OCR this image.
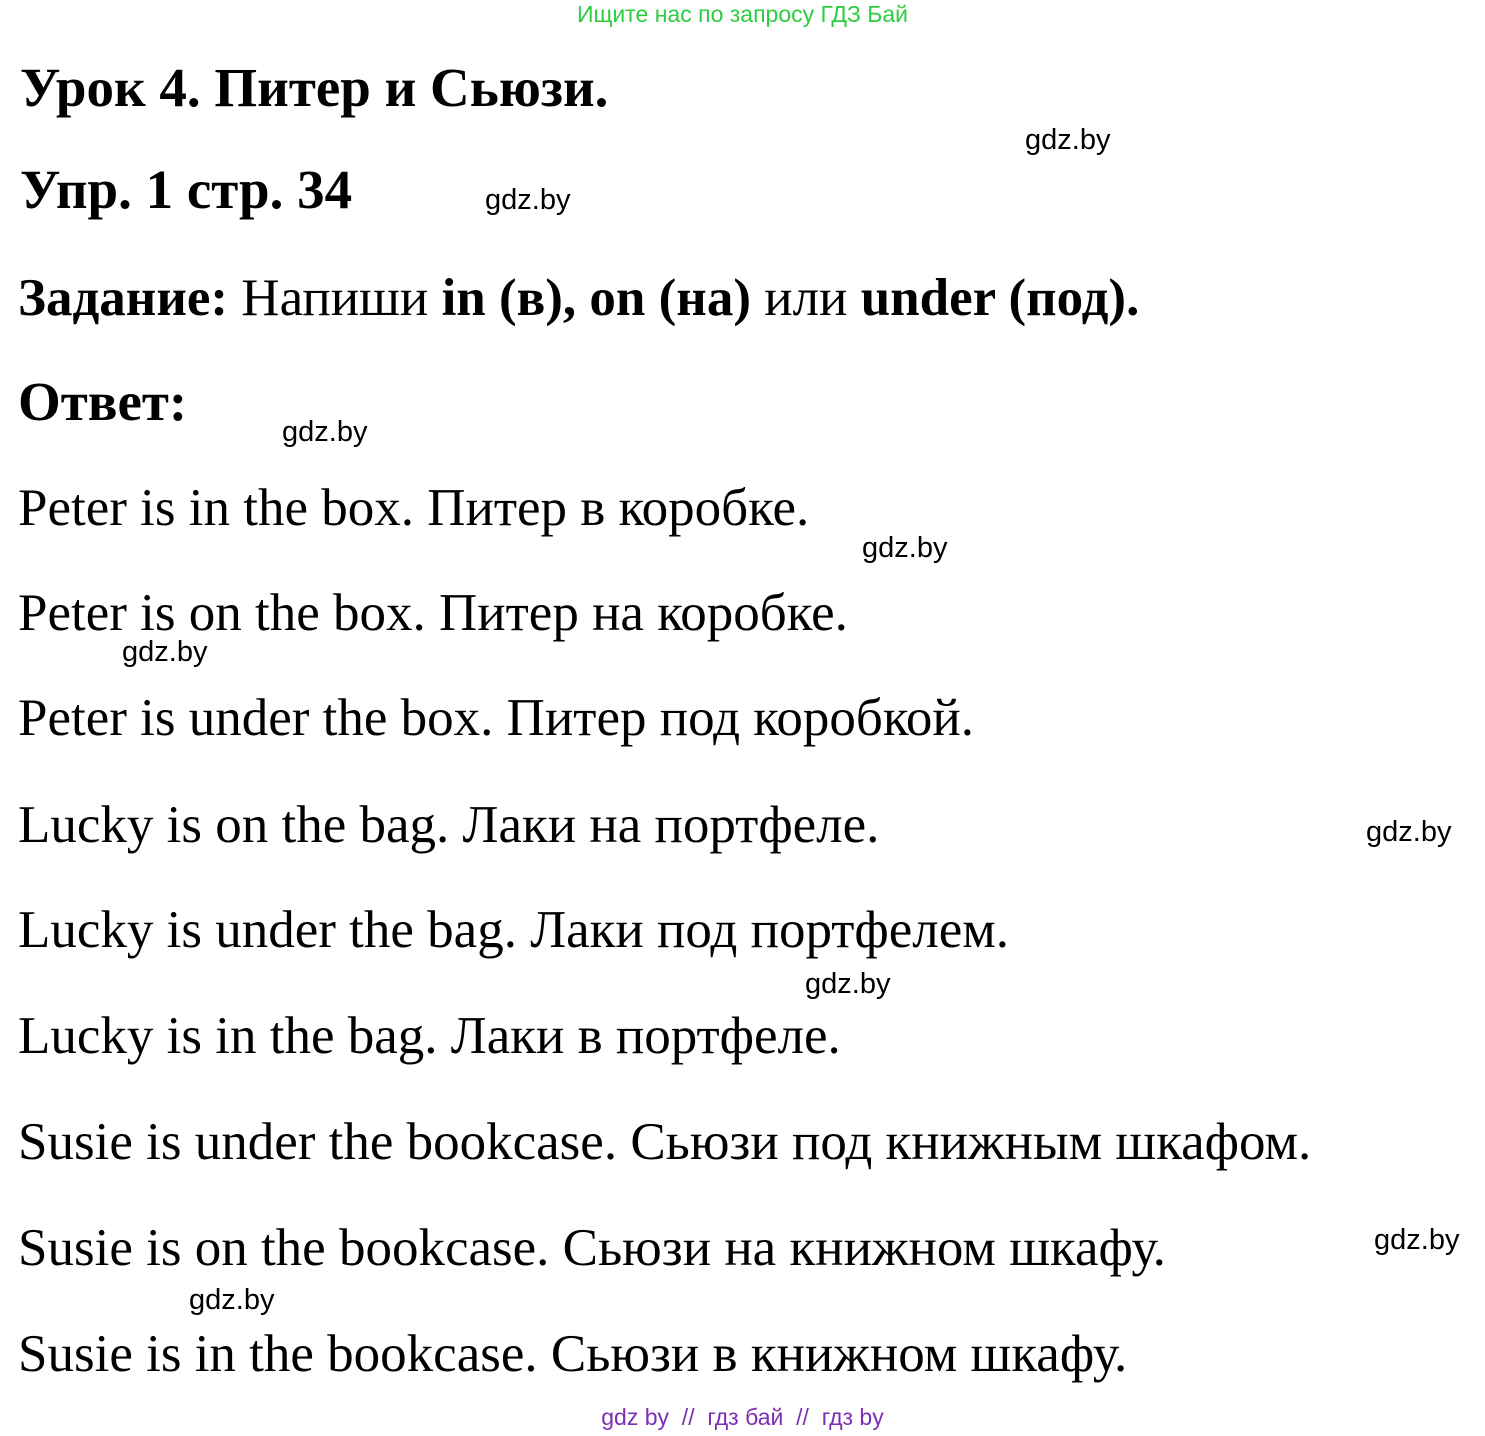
Ищите нас по запросу ГДЗ Бай
Урок 4. Питер и Сьюзи.
Упр. 1 стр. 34
Задание: Напиши in (в), on (на) или under (под).
Ответ:
Peter is in the box. Питер в коробке.
Peter is on the box. Питер на коробке.
Peter is under the box. Питер под коробкой.
Lucky is on the bag. Лаки на портфеле.
Lucky is under the bag. Лаки под портфелем.
Lucky is in the bag. Лаки в портфеле.
Susie is under the bookcase. Сьюзи под книжным шкафом.
Susie is on the bookcase. Сьюзи на книжном шкафу.
Susie is in the bookcase. Сьюзи в книжном шкафу.
gdz.by
gdz.by
gdz.by
gdz.by
gdz.by
gdz.by
gdz.by
gdz.by
gdz.by
gdz by  //  гдз бай  //  гдз by
